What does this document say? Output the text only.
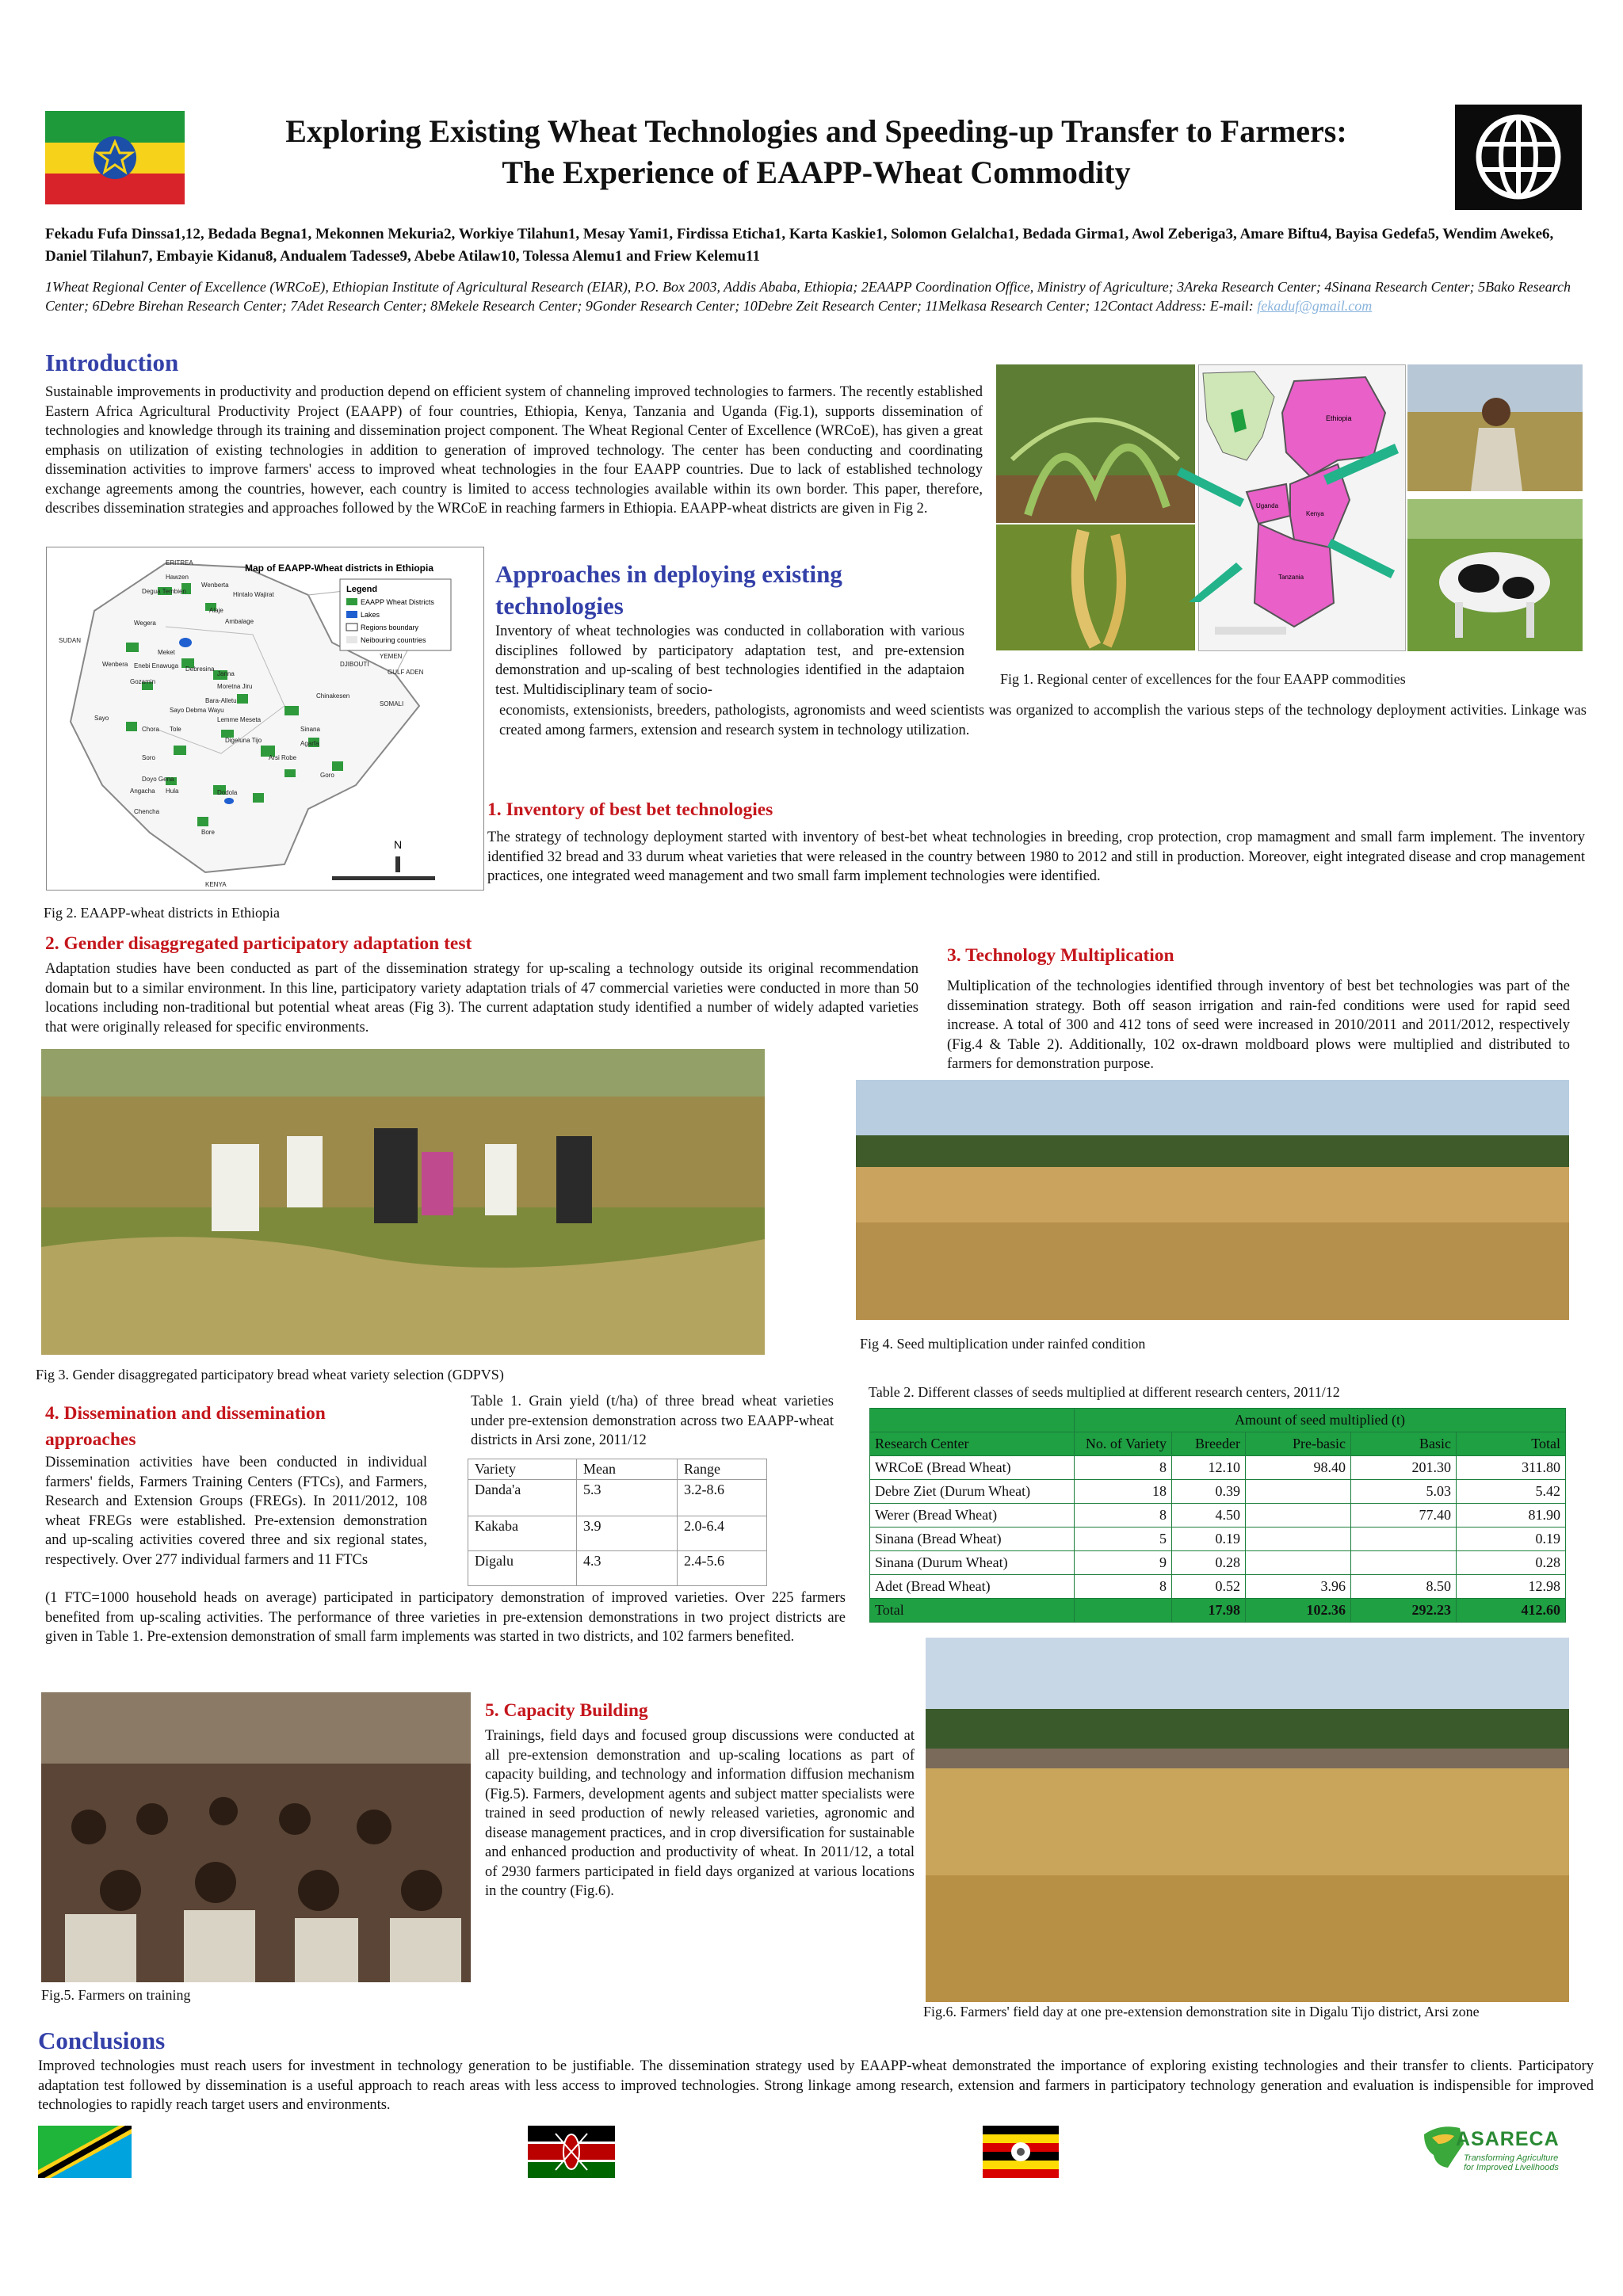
Exploring Existing Wheat Technologies and Speeding-up Transfer to Farmers:
The Experience of EAAPP-Wheat Commodity
Fekadu Fufa Dinssa1,12, Bedada Begna1, Mekonnen Mekuria2, Workiye Tilahun1, Mesay Yami1, Firdissa Eticha1, Karta Kaskie1, Solomon Gelalcha1, Bedada Girma1, Awol Zeberiga3, Amare Biftu4, Bayisa Gedefa5, Wendim Aweke6, Daniel Tilahun7, Embayie Kidanu8, Andualem Tadesse9, Abebe Atilaw10, Tolessa Alemu1 and Friew Kelemu11
1Wheat Regional Center of Excellence (WRCoE), Ethiopian Institute of Agricultural Research (EIAR), P.O. Box 2003, Addis Ababa, Ethiopia; 2EAAPP Coordination Office, Ministry of Agriculture; 3Areka Research Center; 4Sinana Research Center; 5Bako Research Center; 6Debre Birehan Research Center; 7Adet Research Center; 8Mekele Research Center; 9Gonder Research Center; 10Debre Zeit Research Center; 11Melkasa Research Center; 12Contact Address: E-mail: fekaduf@gmail.com
Introduction
Sustainable improvements in productivity and production depend on efficient system of channeling improved technologies to farmers. The recently established Eastern Africa Agricultural Productivity Project (EAAPP) of four countries, Ethiopia, Kenya, Tanzania and Uganda (Fig.1), supports dissemination of technologies and knowledge through its training and dissemination project component. The Wheat Regional Center of Excellence (WRCoE), has given a great emphasis on utilization of existing technologies in addition to generation of improved technology. The center has been conducting and coordinating dissemination activities to improve farmers' access to improved wheat technologies in the four EAAPP countries. Due to lack of established technology exchange agreements among the countries, however, each country is limited to access technologies available within its own border. This paper, therefore, describes dissemination strategies and approaches followed by the WRCoE in reaching farmers in Ethiopia. EAAPP-wheat districts are given in Fig 2.
Ethiopia
Uganda
Kenya
Tanzania
Fig 1. Regional center of excellences for the four EAAPP commodities
Map of EAAPP-Wheat districts in Ethiopia
Legend
EAAPP Wheat Districts
Lakes
Regions boundary
Neibouring countries
ERITREA
YEMEN
SUDAN
DJIBOUTI
GULF ADEN
SOMALI
KENYA
Hawzen
Degua Tembien
Wenberta
Hintalo Wajirat
Alaje
Ambalage
Wegera
Meket
Wenbera Enebi Enawuga Debresina
Gozamin
Janna
Moretna Jiru
Bara-Alletu
Sayo Debma Wayu
Chinakesen
Sayo
Chora Tole
Lemme Meseta
Sinana
Agarfa
Digeluna Tijo
Arsi Robe
Soro
Doyo Gena
Angacha Hula	Dodola
Chencha
Bore
Goro
N
Fig 2. EAAPP-wheat districts in Ethiopia
Approaches in deploying existing
technologies
Inventory of wheat technologies was conducted in collaboration with various disciplines followed by participatory adaptation test, and pre-extension demonstration and up-scaling of best technologies identified in the adaptaion test. Multidisciplinary team of socio-
economists, extensionists, breeders, pathologists, agronomists and weed scientists was organized to accomplish the various steps of the technology deployment activities. Linkage was created among farmers, extension and research system in technology utilization.
1. Inventory of best bet technologies
The strategy of technology deployment started with inventory of best-bet wheat technologies in breeding, crop protection, crop mamagment and small farm implement. The inventory identified 32 bread and 33 durum wheat varieties that were released in the country between 1980 to 2012 and still in production. Moreover, eight integrated disease and crop management practices, one integrated weed management and two small farm implement technologies were identified.
2. Gender disaggregated participatory adaptation test
Adaptation studies have been conducted as part of the dissemination strategy for up-scaling a technology outside its original recommendation domain but to a similar environment. In this line, participatory variety adaptation trials of 47 commercial varieties were conducted in more than 50 locations including non-traditional but potential wheat areas (Fig 3). The current adaptation study identified a number of widely adapted varieties that were originally released for specific environments.
Fig 3. Gender disaggregated participatory bread wheat variety selection (GDPVS)
3. Technology Multiplication
Multiplication of the technologies identified through inventory of best bet technologies was part of the dissemination strategy. Both off season irrigation and rain-fed conditions were used for rapid seed increase. A total of 300 and 412 tons of seed were increased in 2010/2011 and 2011/2012, respectively (Fig.4 & Table 2). Additionally, 102 ox-drawn moldboard plows were multiplied and distributed to farmers for demonstration purpose.
Fig 4. Seed multiplication under rainfed condition
4. Dissemination and dissemination
approaches
Dissemination activities have been conducted in individual farmers' fields, Farmers Training Centers (FTCs), and Farmers, Research and Extension Groups (FREGs). In 2011/2012, 108 wheat FREGs were established. Pre-extension demonstration and up-scaling activities covered three and six regional states, respectively. Over 277 individual farmers and 11 FTCs
(1 FTC=1000 household heads on average) participated in participatory demonstration of improved varieties. Over 225 farmers benefited from up-scaling activities. The performance of three varieties in pre-extension demonstrations in two project districts are given in Table 1. Pre-extension demonstration of small farm implements was started in two districts, and 102 farmers benefited.
Table 1. Grain yield (t/ha) of three bread wheat varieties under pre-extension demonstration across two EAAPP-wheat districts in Arsi zone, 2011/12
Variety	Mean	Range
Danda'a	5.3	3.2-8.6
Kakaba	3.9	2.0-6.4
Digalu	4.3	2.4-5.6
Table 2. Different classes of seeds multiplied at different research centers, 2011/12
	Amount of seed multiplied (t)				
Research Center	No. of Variety	Breeder	Pre-basic	Basic	Total
WRCoE (Bread Wheat)	8	12.10	98.40	201.30	311.80
Debre Ziet (Durum Wheat)	18	0.39		5.03	5.42
Werer (Bread Wheat)	8	4.50		77.40	81.90
Sinana (Bread Wheat)	5	0.19			0.19
Sinana (Durum Wheat)	9	0.28			0.28
Adet (Bread Wheat)	8	0.52	3.96	8.50	12.98
Total		17.98	102.36	292.23	412.60
Fig.5. Farmers on training
5. Capacity Building
Trainings, field days and focused group discussions were conducted at all pre-extension demonstration and up-scaling locations as part of capacity building, and technology and information diffusion mechanism (Fig.5). Farmers, development agents and subject matter specialists were trained in seed production of newly released varieties, agronomic and disease management practices, and in crop diversification for sustainable and enhanced production and productivity of wheat. In 2011/12, a total of 2930 farmers participated in field days organized at various locations in the country (Fig.6).
Fig.6. Farmers' field day at one pre-extension demonstration site in Digalu Tijo district, Arsi zone
Conclusions
Improved technologies must reach users for investment in technology generation to be justifiable. The dissemination strategy used by EAAPP-wheat demonstrated the importance of exploring existing technologies and their transfer to clients. Participatory adaptation test followed by dissemination is a useful approach to reach areas with less access to improved technologies. Strong linkage among research, extension and farmers in participatory technology generation and evaluation is indispensible for improved technologies to rapidly reach target users and environments.
ASARECA
Transforming Agriculture
for Improved Livelihoods
